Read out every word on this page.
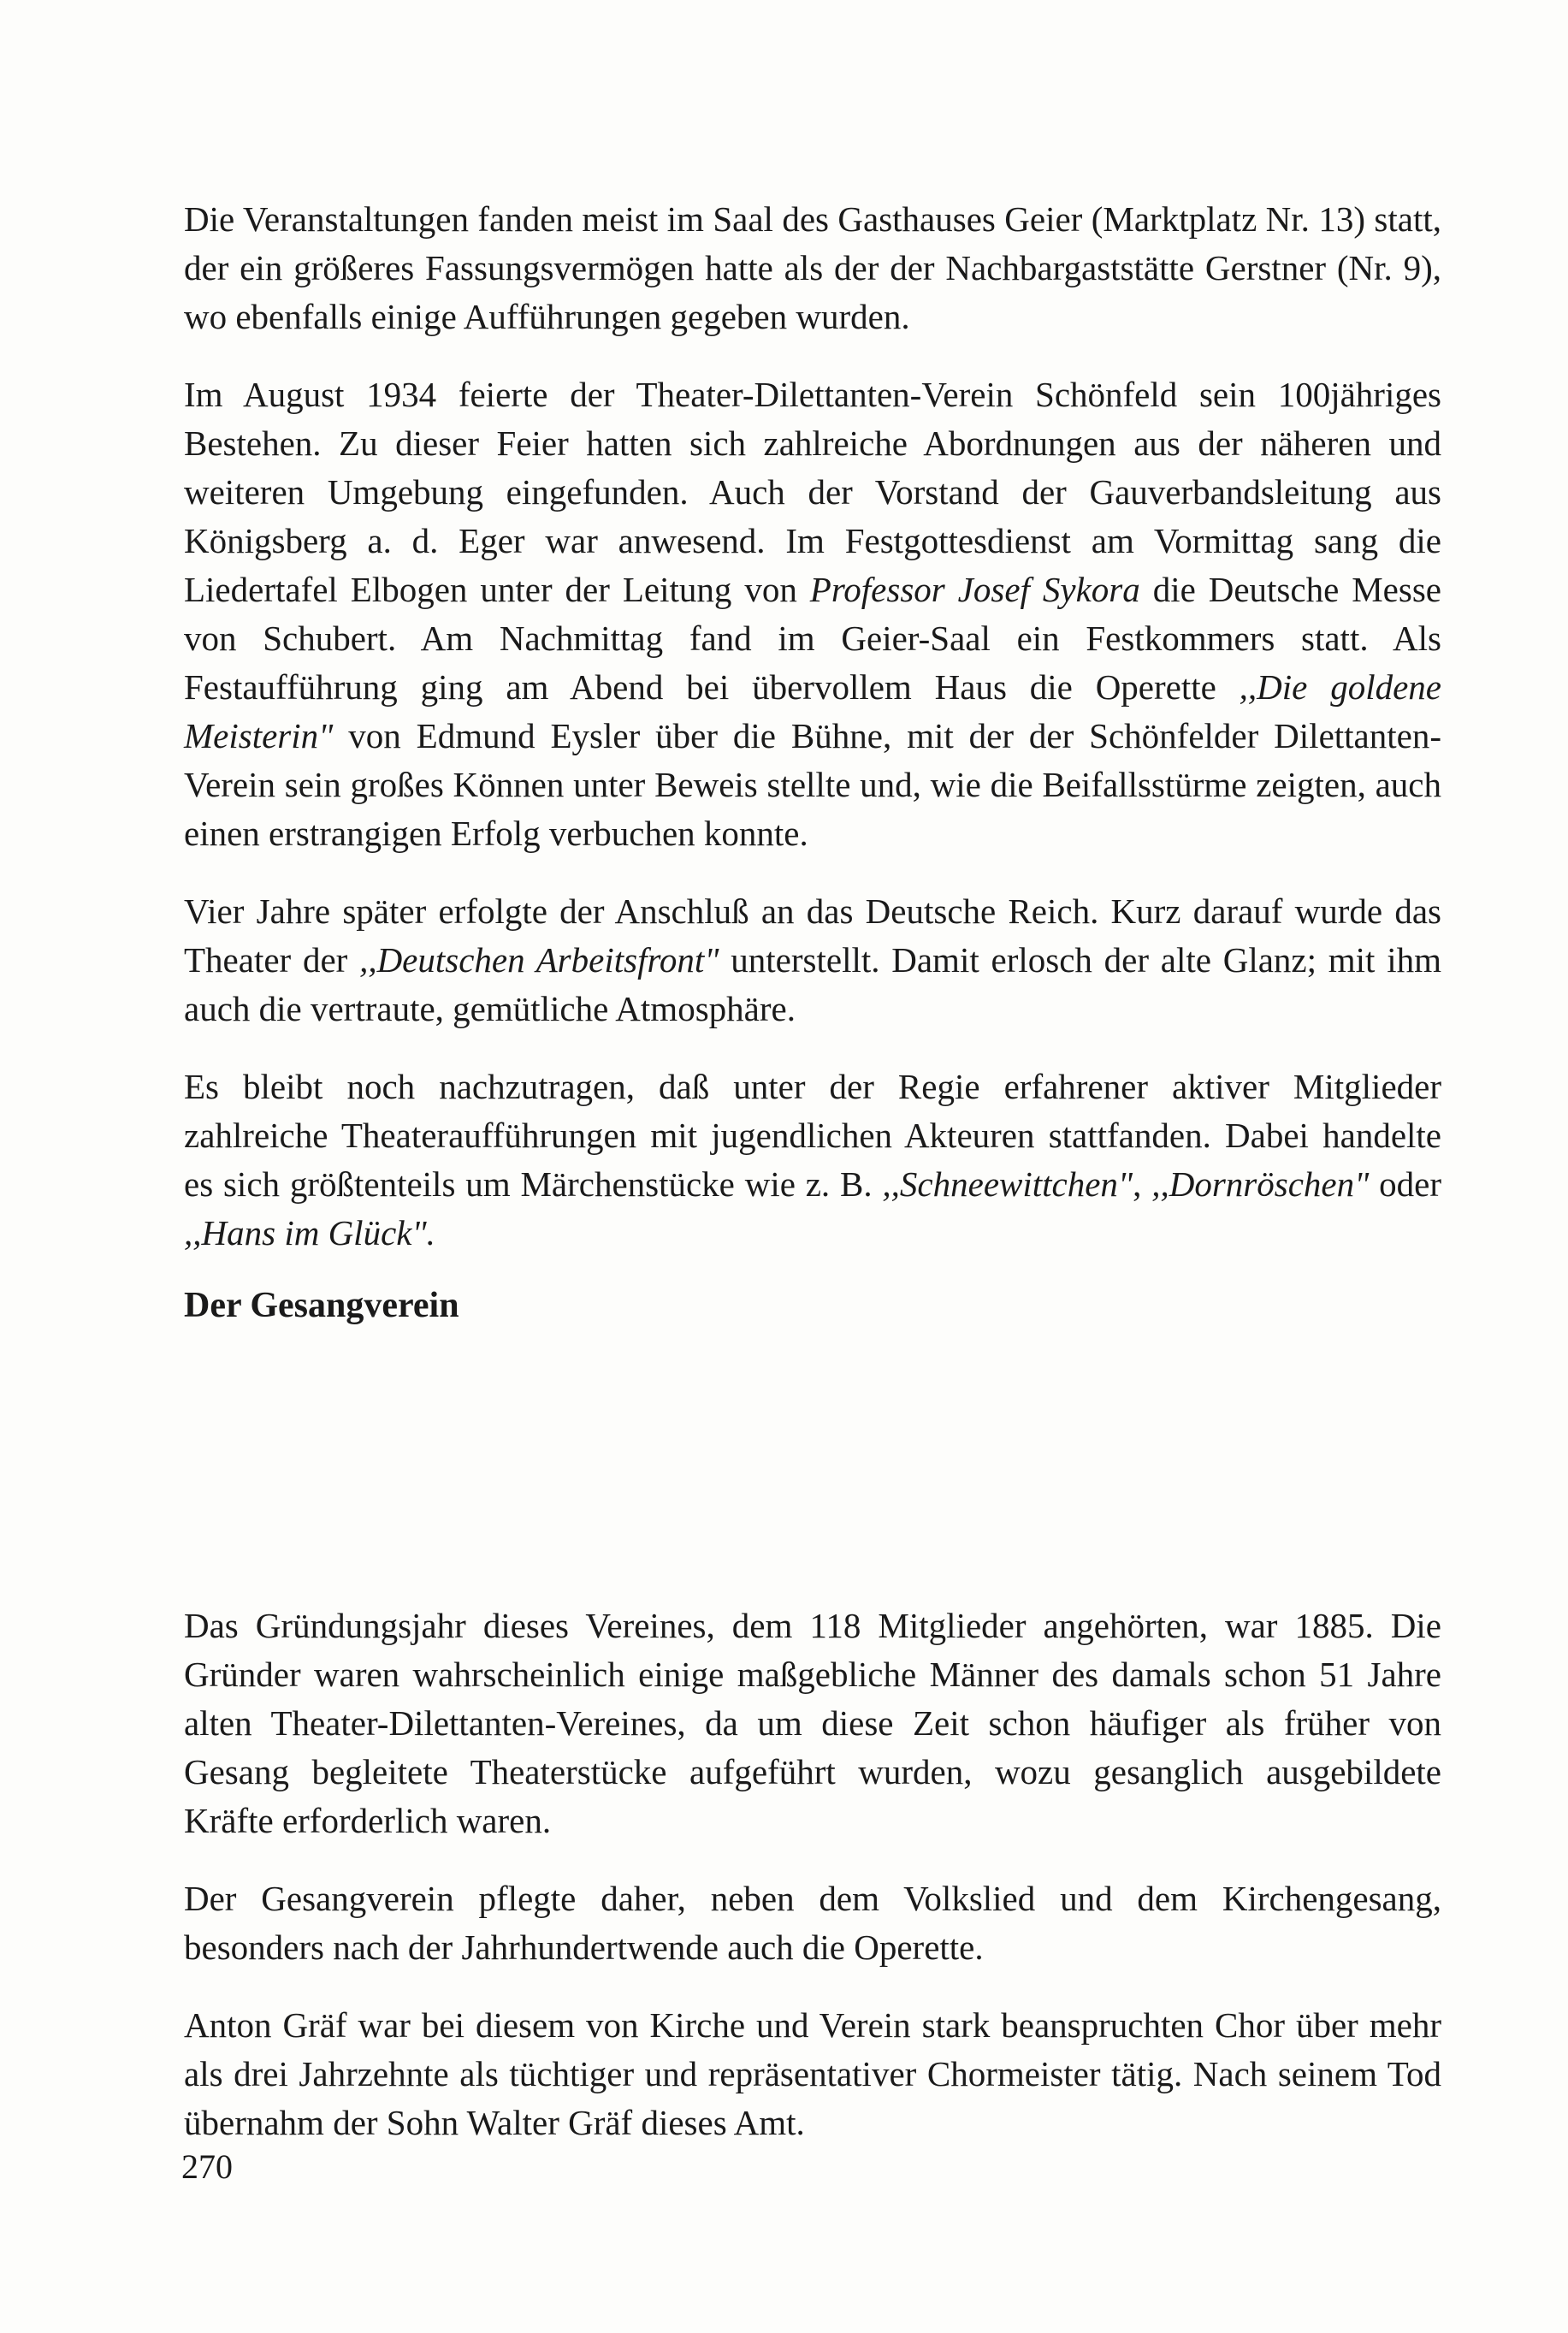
Die Veranstaltungen fanden meist im Saal des Gasthauses Geier (Marktplatz Nr. 13) statt, der ein größeres Fassungsvermögen hatte als der der Nachbargaststätte Gerstner (Nr. 9), wo ebenfalls einige Aufführungen gegeben wurden.

Im August 1934 feierte der Theater-Dilettanten-Verein Schönfeld sein 100jähriges Bestehen. Zu dieser Feier hatten sich zahlreiche Abordnungen aus der näheren und weiteren Umgebung eingefunden. Auch der Vorstand der Gauverbandsleitung aus Königsberg a. d. Eger war anwesend. Im Festgottesdienst am Vormittag sang die Liedertafel Elbogen unter der Leitung von Professor Josef Sykora die Deutsche Messe von Schubert. Am Nachmittag fand im Geier-Saal ein Festkommers statt. Als Festaufführung ging am Abend bei übervollem Haus die Operette ,,Die goldene Meisterin" von Edmund Eysler über die Bühne, mit der der Schönfelder Dilettanten-Verein sein großes Können unter Beweis stellte und, wie die Beifallsstürme zeigten, auch einen erstrangigen Erfolg verbuchen konnte.

Vier Jahre später erfolgte der Anschluß an das Deutsche Reich. Kurz darauf wurde das Theater der ,,Deutschen Arbeitsfront" unterstellt. Damit erlosch der alte Glanz; mit ihm auch die vertraute, gemütliche Atmosphäre.

Es bleibt noch nachzutragen, daß unter der Regie erfahrener aktiver Mitglieder zahlreiche Theateraufführungen mit jugendlichen Akteuren stattfanden. Dabei handelte es sich größtenteils um Märchenstücke wie z. B. ,,Schneewittchen", ,,Dornröschen" oder ,,Hans im Glück".

Der Gesangverein

Das Gründungsjahr dieses Vereines, dem 118 Mitglieder angehörten, war 1885. Die Gründer waren wahrscheinlich einige maßgebliche Männer des damals schon 51 Jahre alten Theater-Dilettanten-Vereines, da um diese Zeit schon häufiger als früher von Gesang begleitete Theaterstücke aufgeführt wurden, wozu gesanglich ausgebildete Kräfte erforderlich waren.

Der Gesangverein pflegte daher, neben dem Volkslied und dem Kirchengesang, besonders nach der Jahrhundertwende auch die Operette.

Anton Gräf war bei diesem von Kirche und Verein stark beanspruchten Chor über mehr als drei Jahrzehnte als tüchtiger und repräsentativer Chormeister tätig. Nach seinem Tod übernahm der Sohn Walter Gräf dieses Amt.

270
